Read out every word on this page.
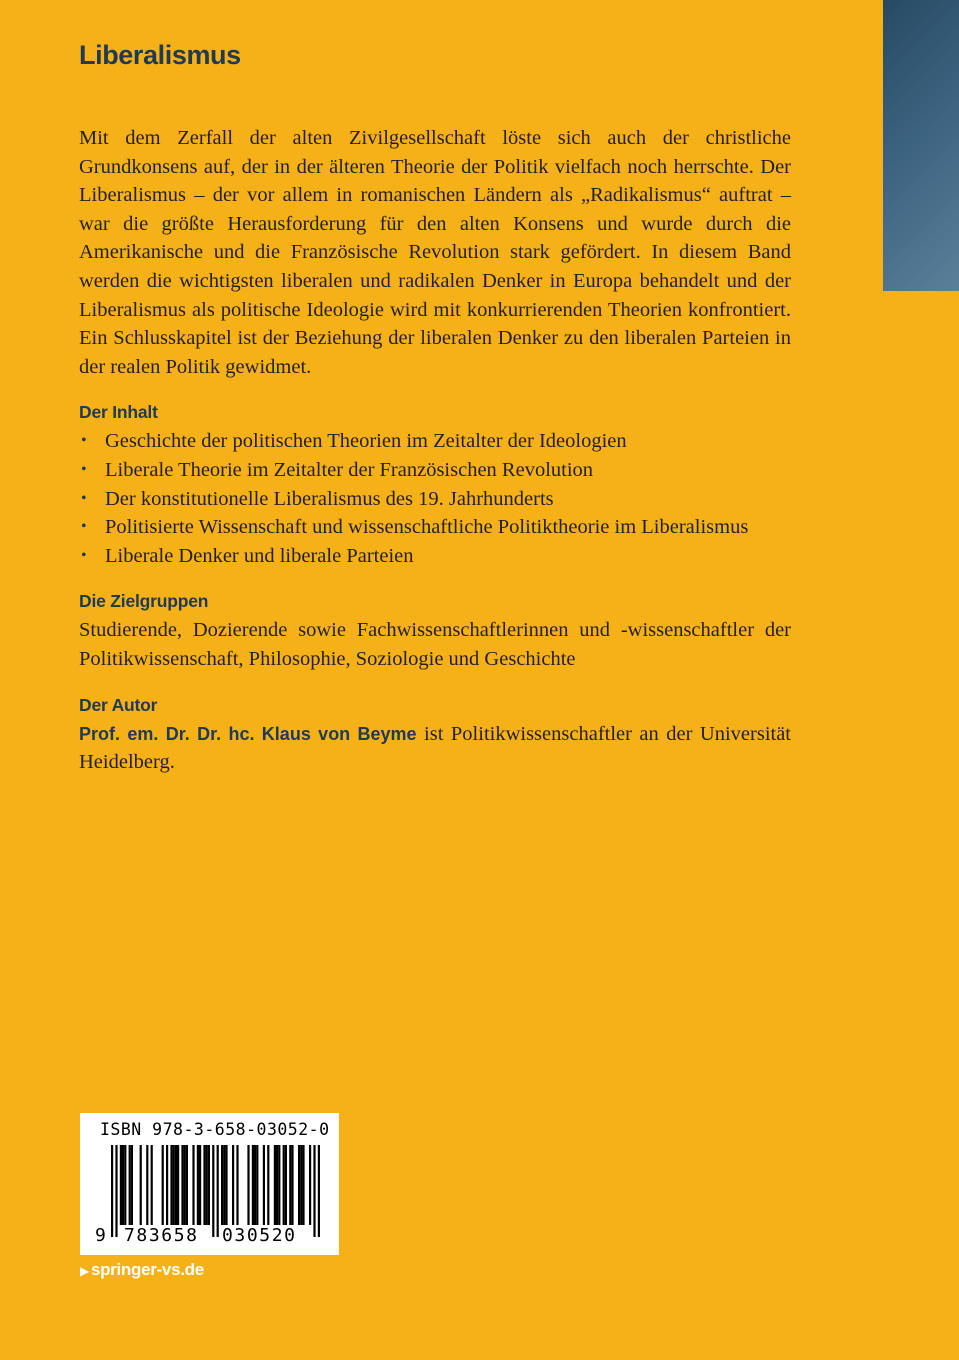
Liberalismus

Mit dem Zerfall der alten Zivilgesellschaft löste sich auch der christliche Grundkonsens auf, der in der älteren Theorie der Politik vielfach noch herrschte. Der Liberalismus – der vor allem in romanischen Ländern als „Radikalismus“ auftrat – war die größte Herausforderung für den alten Konsens und wurde durch die Amerikanische und die Französische Revolution stark gefördert. In diesem Band werden die wichtigsten liberalen und radikalen Denker in Europa behandelt und der Liberalismus als politische Ideologie wird mit konkurrierenden Theorien konfrontiert. Ein Schlusskapitel ist der Beziehung der liberalen Denker zu den liberalen Parteien in der realen Politik gewidmet.

Der Inhalt
• Geschichte der politischen Theorien im Zeitalter der Ideologien
• Liberale Theorie im Zeitalter der Französischen Revolution
• Der konstitutionelle Liberalismus des 19. Jahrhunderts
• Politisierte Wissenschaft und wissenschaftliche Politiktheorie im Liberalismus
• Liberale Denker und liberale Parteien
Die Zielgruppen

Studierende, Dozierende sowie Fachwissenschaftlerinnen und -wissenschaftler der Politikwissenschaft, Philosophie, Soziologie und Geschichte

Der Autor

Prof. em. Dr. Dr. hc. Klaus von Beyme ist Politikwissenschaftler an der Universität Heidelberg.

ISBN 978-3-658-03052-0
9 783658 030520
▶ springer-vs.de
